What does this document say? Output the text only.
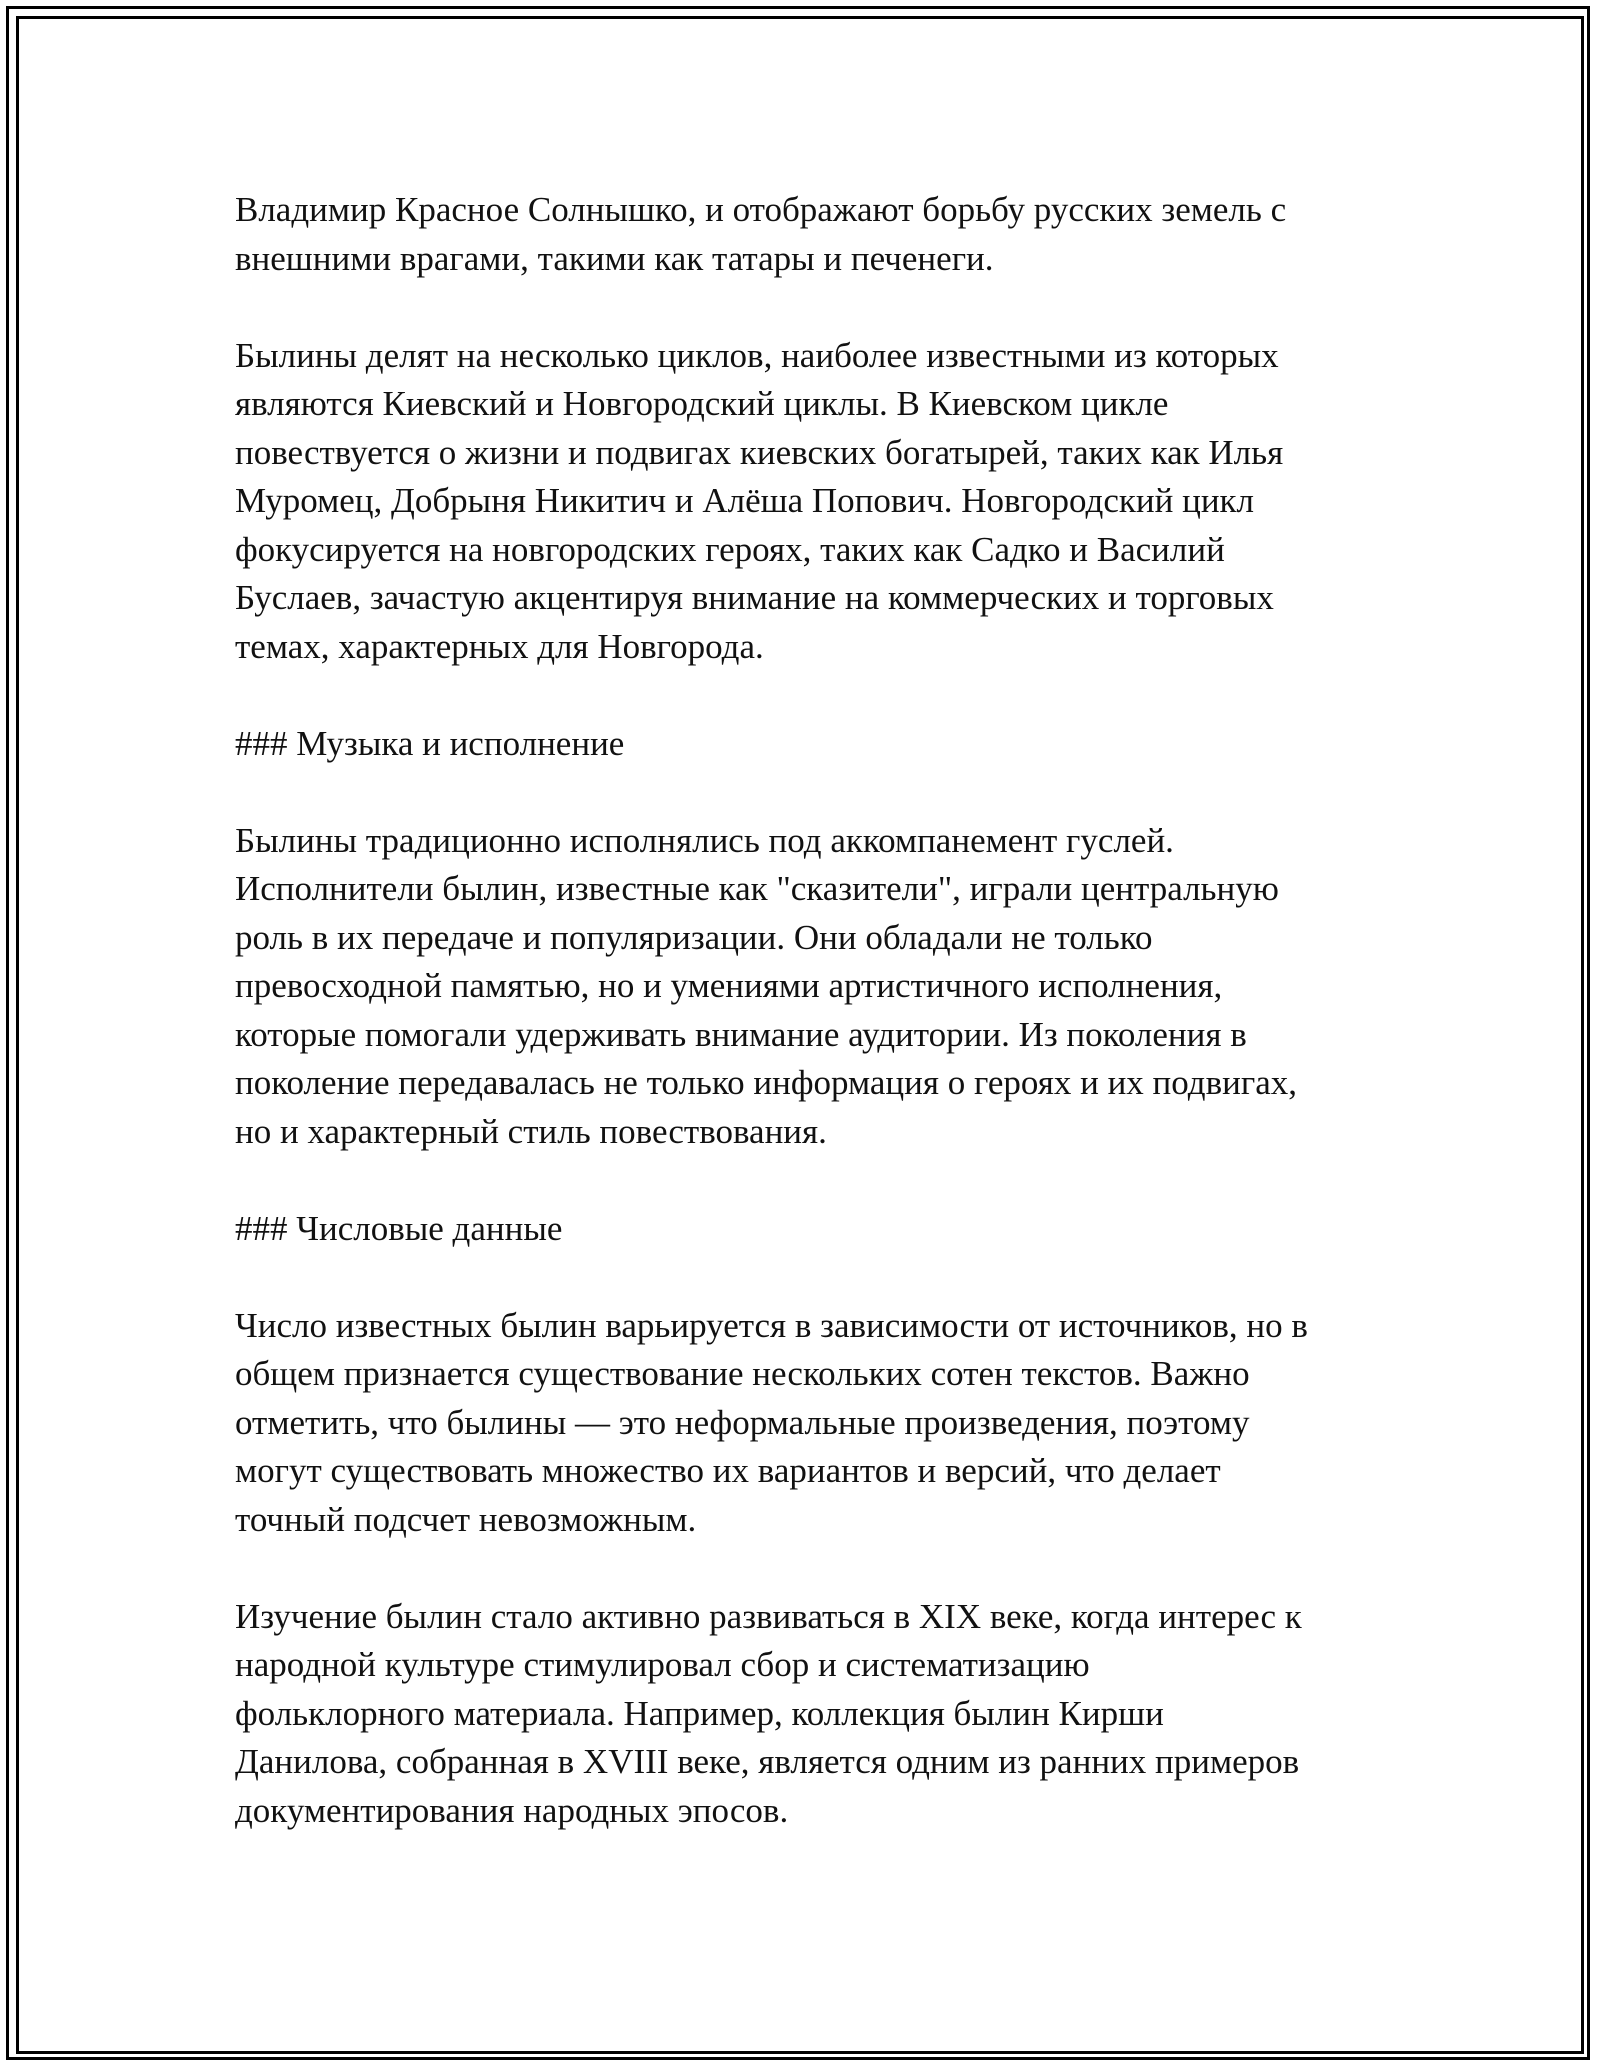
Владимир Красное Солнышко, и отображают борьбу русских земель с
внешними врагами, такими как татары и печенеги.

Былины делят на несколько циклов, наиболее известными из которых
являются Киевский и Новгородский циклы. В Киевском цикле
повествуется о жизни и подвигах киевских богатырей, таких как Илья
Муромец, Добрыня Никитич и Алёша Попович. Новгородский цикл
фокусируется на новгородских героях, таких как Садко и Василий
Буслаев, зачастую акцентируя внимание на коммерческих и торговых
темах, характерных для Новгорода.

### Музыка и исполнение

Былины традиционно исполнялись под аккомпанемент гуслей.
Исполнители былин, известные как "сказители", играли центральную
роль в их передаче и популяризации. Они обладали не только
превосходной памятью, но и умениями артистичного исполнения,
которые помогали удерживать внимание аудитории. Из поколения в
поколение передавалась не только информация о героях и их подвигах,
но и характерный стиль повествования.

### Числовые данные

Число известных былин варьируется в зависимости от источников, но в
общем признается существование нескольких сотен текстов. Важно
отметить, что былины — это неформальные произведения, поэтому
могут существовать множество их вариантов и версий, что делает
точный подсчет невозможным.

Изучение былин стало активно развиваться в XIX веке, когда интерес к
народной культуре стимулировал сбор и систематизацию
фольклорного материала. Например, коллекция былин Кирши
Данилова, собранная в XVIII веке, является одним из ранних примеров
документирования народных эпосов.
